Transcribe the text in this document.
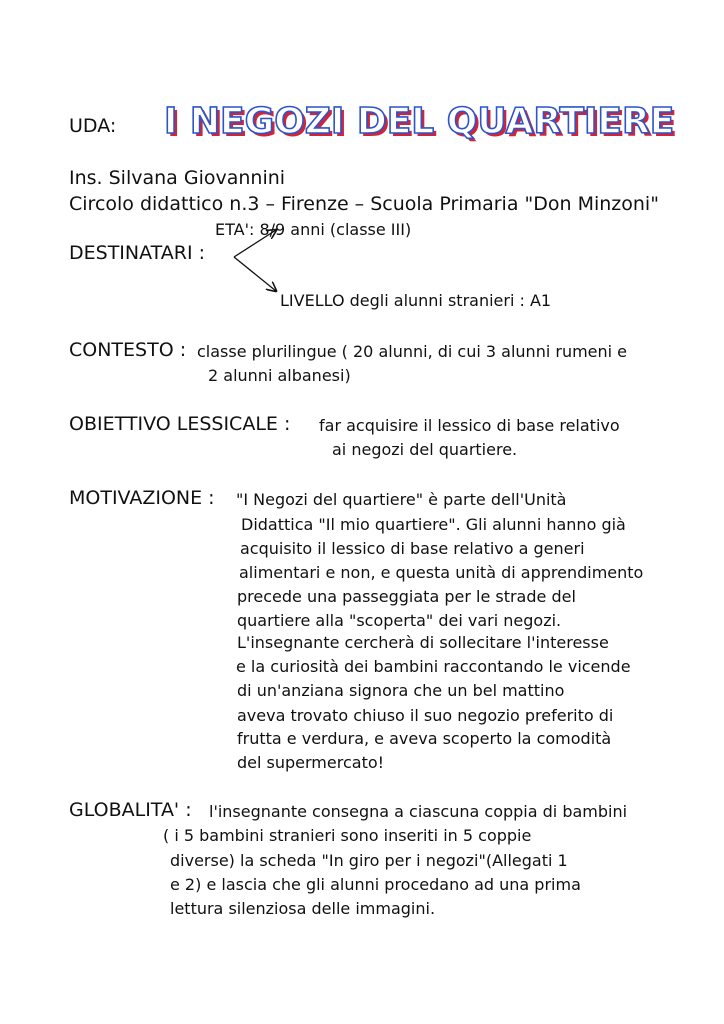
UDA: I NEGOZI DEL QUARTIERE
Ins. Silvana Giovannini
Circolo didattico n.3 – Firenze – Scuola Primaria "Don Minzoni"
ETA': 8/9 anni (classe III)
DESTINATARI :
LIVELLO degli alunni stranieri : A1
CONTESTO : classe plurilingue ( 20 alunni, di cui 3 alunni rumeni e
2 alunni albanesi)
OBIETTIVO LESSICALE : far acquisire il lessico di base relativo
ai negozi del quartiere.
MOTIVAZIONE : "I Negozi del quartiere" è parte dell'Unità
Didattica "Il mio quartiere". Gli alunni hanno già
acquisito il lessico di base relativo a generi
alimentari e non, e questa unità di apprendimento
precede una passeggiata per le strade del
quartiere alla "scoperta" dei vari negozi.
L'insegnante cercherà di sollecitare l'interesse
e la curiosità dei bambini raccontando le vicende
di un'anziana signora che un bel mattino
aveva trovato chiuso il suo negozio preferito di
frutta e verdura, e aveva scoperto la comodità
del supermercato!
GLOBALITA' : l'insegnante consegna a ciascuna coppia di bambini
( i 5 bambini stranieri sono inseriti in 5 coppie
diverse) la scheda "In giro per i negozi"(Allegati 1
e 2) e lascia che gli alunni procedano ad una prima
lettura silenziosa delle immagini.
